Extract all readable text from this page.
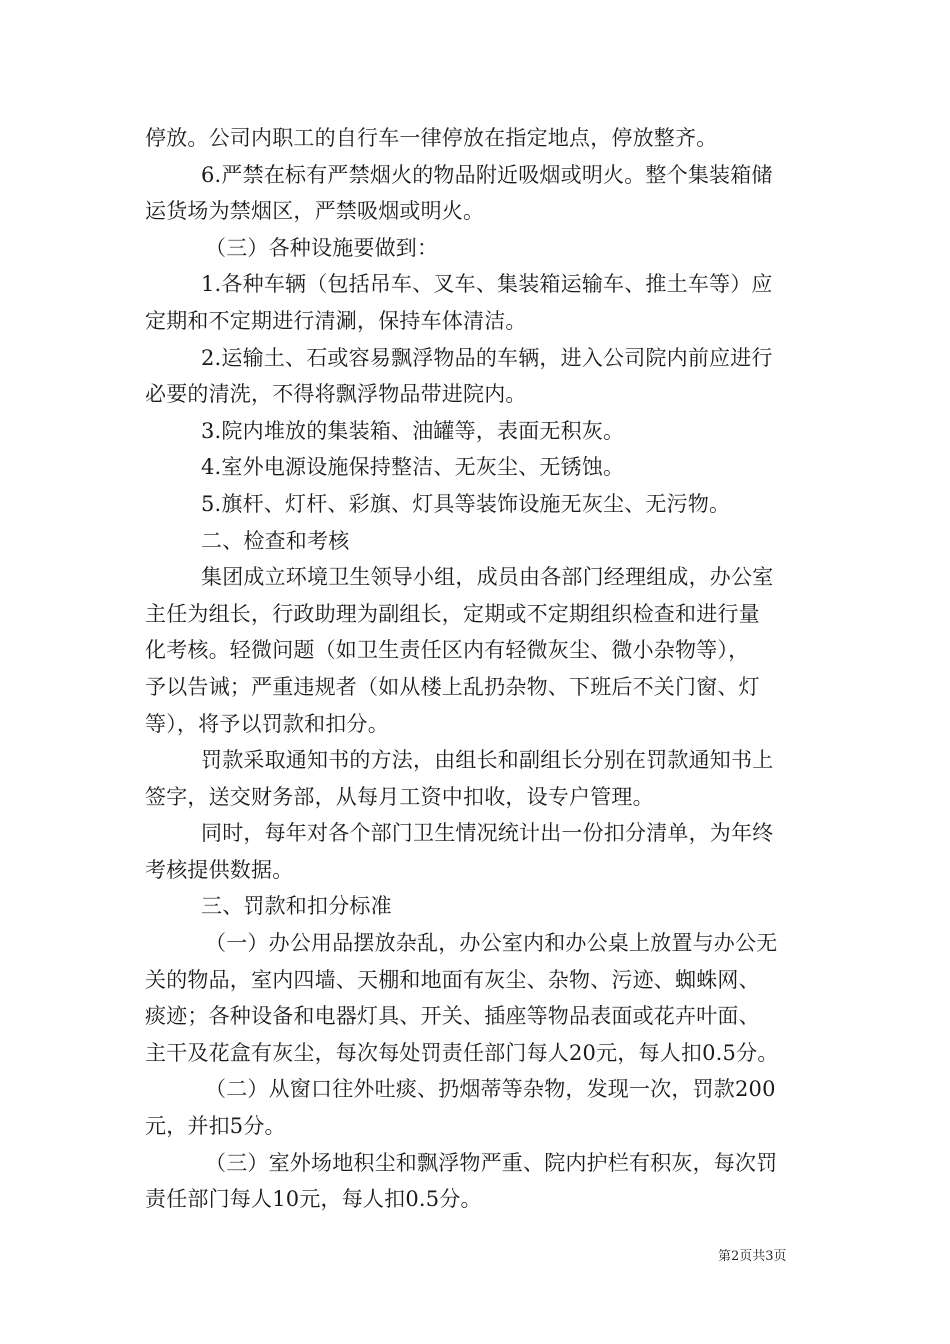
停放。公司内职工的自行车一律停放在指定地点，停放整齐。
6.严禁在标有严禁烟火的物品附近吸烟或明火。整个集装箱储
运货场为禁烟区，严禁吸烟或明火。
（三）各种设施要做到：
1.各种车辆（包括吊车、叉车、集装箱运输车、推土车等）应
定期和不定期进行清涮，保持车体清洁。
2.运输土、石或容易飘浮物品的车辆，进入公司院内前应进行
必要的清洗，不得将飘浮物品带进院内。
3.院内堆放的集装箱、油罐等，表面无积灰。
4.室外电源设施保持整洁、无灰尘、无锈蚀。
5.旗杆、灯杆、彩旗、灯具等装饰设施无灰尘、无污物。
二、检查和考核
集团成立环境卫生领导小组，成员由各部门经理组成，办公室
主任为组长，行政助理为副组长，定期或不定期组织检查和进行量
化考核。轻微问题（如卫生责任区内有轻微灰尘、微小杂物等），
予以告诫；严重违规者（如从楼上乱扔杂物、下班后不关门窗、灯
等），将予以罚款和扣分。
罚款采取通知书的方法，由组长和副组长分别在罚款通知书上
签字，送交财务部，从每月工资中扣收，设专户管理。
同时，每年对各个部门卫生情况统计出一份扣分清单，为年终
考核提供数据。
三、罚款和扣分标准
（一）办公用品摆放杂乱，办公室内和办公桌上放置与办公无
关的物品，室内四墙、天棚和地面有灰尘、杂物、污迹、蜘蛛网、
痰迹；各种设备和电器灯具、开关、插座等物品表面或花卉叶面、
主干及花盒有灰尘，每次每处罚责任部门每人20元，每人扣0.5分。
（二）从窗口往外吐痰、扔烟蒂等杂物，发现一次，罚款200
元，并扣5分。
（三）室外场地积尘和飘浮物严重、院内护栏有积灰，每次罚
责任部门每人10元，每人扣0.5分。
第2页共3页
